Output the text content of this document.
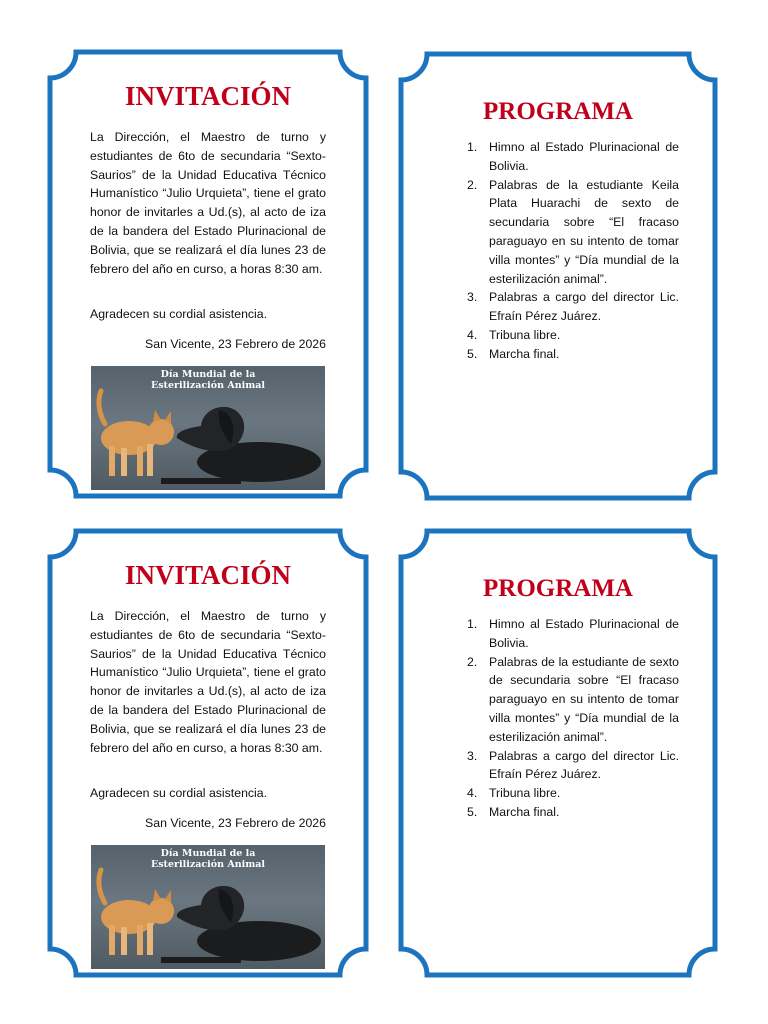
INVITACIÓN

La Dirección, el Maestro de turno y estudiantes de 6to de secundaria “Sexto-Saurios” de la Unidad Educativa Técnico Humanístico “Julio Urquieta”, tiene el grato honor de invitarles a Ud.(s), al acto de iza de la bandera del Estado Plurinacional de Bolivia, que se realizará el día lunes 23 de febrero del año en curso, a horas 8:30 am.

Agradecen su cordial asistencia.

San Vicente, 23 Febrero de 2026

Día Mundial de la
Esterilización Animal
PROGRAMA
1. Himno al Estado Plurinacional de Bolivia.
2. Palabras de la estudiante Keila Plata Huarachi de sexto de secundaria sobre “El fracaso paraguayo en su intento de tomar villa montes” y “Día mundial de la esterilización animal”.
3. Palabras a cargo del director Lic. Efraín Pérez Juárez.
4. Tribuna libre.
5. Marcha final.
INVITACIÓN

La Dirección, el Maestro de turno y estudiantes de 6to de secundaria “Sexto-Saurios” de la Unidad Educativa Técnico Humanístico “Julio Urquieta”, tiene el grato honor de invitarles a Ud.(s), al acto de iza de la bandera del Estado Plurinacional de Bolivia, que se realizará el día lunes 23 de febrero del año en curso, a horas 8:30 am.

Agradecen su cordial asistencia.

San Vicente, 23 Febrero de 2026

Día Mundial de la
Esterilización Animal
PROGRAMA
1. Himno al Estado Plurinacional de Bolivia.
2. Palabras de la estudiante de sexto de secundaria sobre “El fracaso paraguayo en su intento de tomar villa montes” y “Día mundial de la esterilización animal”.
3. Palabras a cargo del director Lic. Efraín Pérez Juárez.
4. Tribuna libre.
5. Marcha final.
